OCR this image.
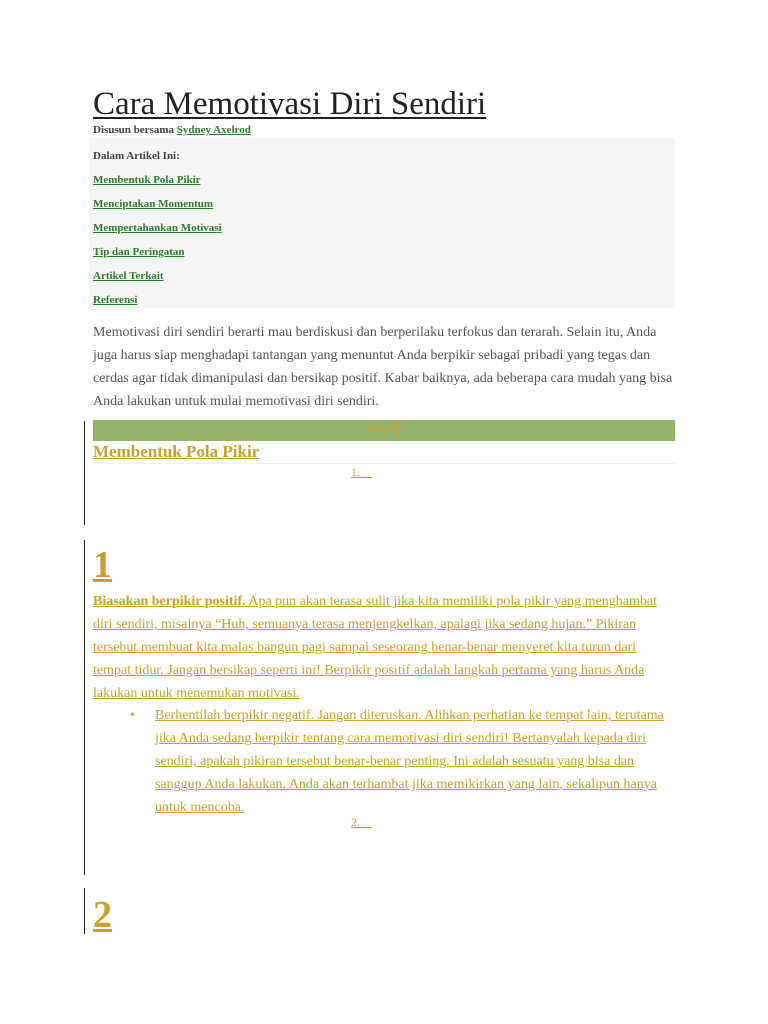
Cara Memotivasi Diri Sendiri
Disusun bersama Sydney Axelrod
Dalam Artikel Ini:
Membentuk Pola Pikir
Menciptakan Momentum
Mempertahankan Motivasi
Tip dan Peringatan
Artikel Terkait
Referensi

Memotivasi diri sendiri berarti mau berdiskusi dan berperilaku terfokus dan terarah. Selain itu, Anda juga harus siap menghadapi tantangan yang menuntut Anda berpikir sebagai pribadi yang tegas dan cerdas agar tidak dimanipulasi dan bersikap positif. Kabar baiknya, ada beberapa cara mudah yang bisa Anda lakukan untuk mulai memotivasi diri sendiri.

Bagian1
Membentuk Pola Pikir
1.
1
Biasakan berpikir positif. Apa pun akan terasa sulit jika kita memiliki pola pikir yang menghambat diri sendiri, misalnya “Huh, semuanya terasa menjengkelkan, apalagi jika sedang hujan.” Pikiran tersebut membuat kita malas bangun pagi sampai seseorang benar-benar menyeret kita turun dari tempat tidur. Jangan bersikap seperti ini! Berpikir positif adalah langkah pertama yang harus Anda lakukan untuk menemukan motivasi.
• Berhentilah berpikir negatif. Jangan diteruskan. Alihkan perhatian ke tempat lain, terutama jika Anda sedang berpikir tentang cara memotivasi diri sendiri! Bertanyalah kepada diri sendiri, apakah pikiran tersebut benar-benar penting. Ini adalah sesuatu yang bisa dan sanggup Anda lakukan. Anda akan terhambat jika memikirkan yang lain, sekalipun hanya untuk mencoba.
2.
2
